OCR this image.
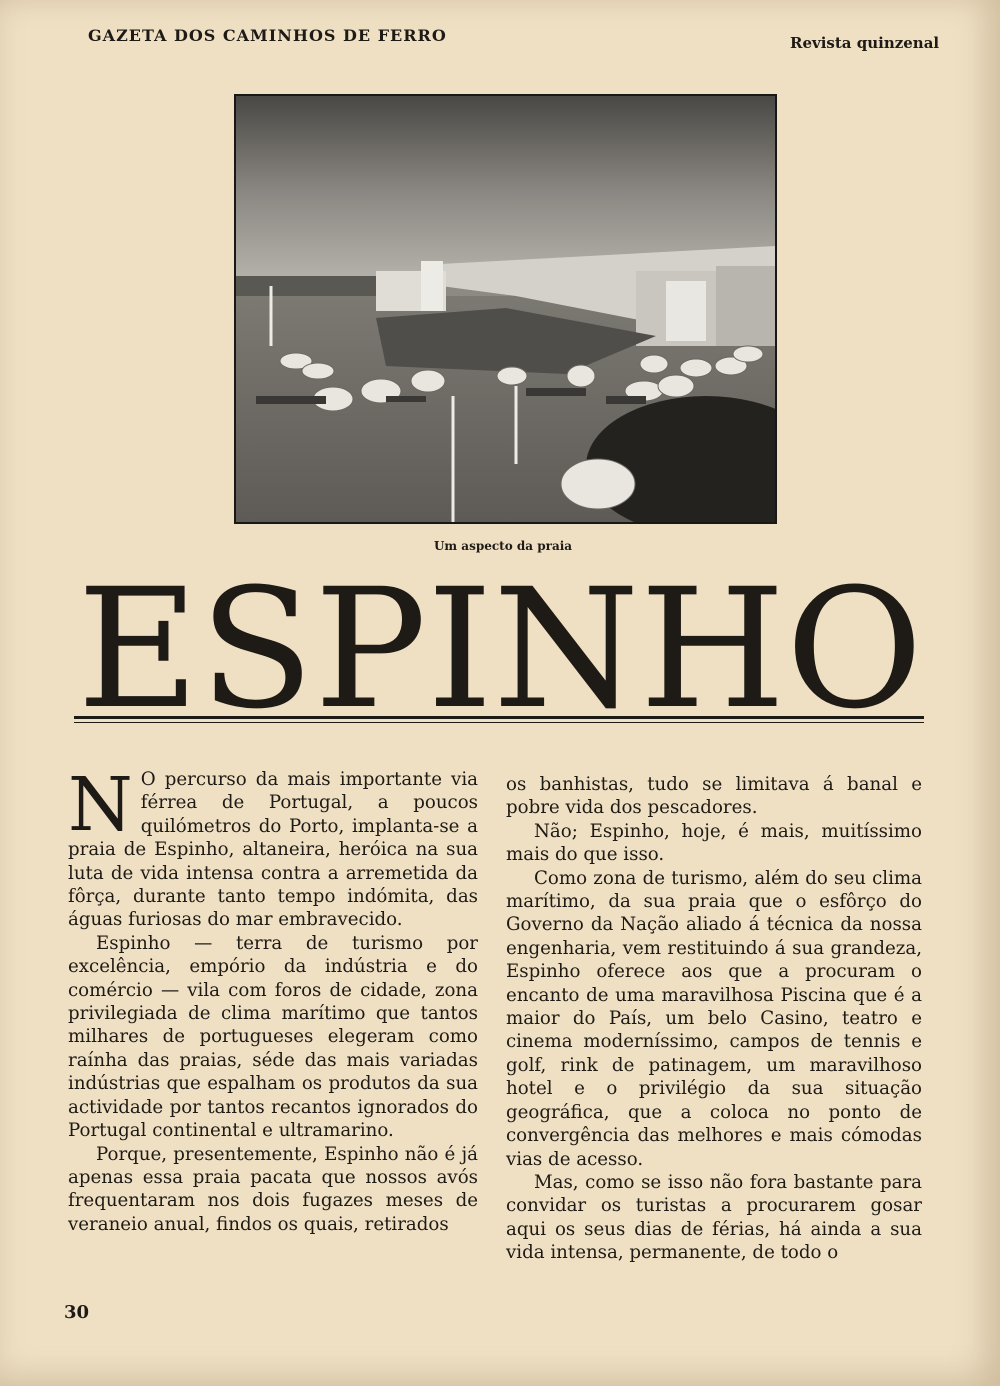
GAZETA DOS CAMINHOS DE FERRO	Revista quinzenal
Um aspecto da praia
ESPINHO

N O percurso da mais importante via férrea de Portugal, a poucos quilómetros do Porto, implanta-se a praia de Espinho, altaneira, heróica na sua luta de vida intensa contra a arremetida da fôrça, durante tanto tempo indómita, das águas furiosas do mar embravecido.

Espinho — terra de turismo por excelência, empório da indústria e do comércio — vila com foros de cidade, zona privilegiada de clima marítimo que tantos milhares de portugueses elegeram como raínha das praias, séde das mais variadas indústrias que espalham os produtos da sua actividade por tantos recantos ignorados do Portugal continental e ultramarino.

Porque, presentemente, Espinho não é já apenas essa praia pacata que nossos avós frequentaram nos dois fugazes meses de veraneio anual, findos os quais, retirados

os banhistas, tudo se limitava á banal e pobre vida dos pescadores.

Não; Espinho, hoje, é mais, muitíssimo mais do que isso.

Como zona de turismo, além do seu clima marítimo, da sua praia que o esfôrço do Governo da Nação aliado á técnica da nossa engenharia, vem restituindo á sua grandeza, Espinho oferece aos que a procuram o encanto de uma maravilhosa Piscina que é a maior do País, um belo Casino, teatro e cinema moderníssimo, campos de tennis e golf, rink de patinagem, um maravilhoso hotel e o privilégio da sua situação geográfica, que a coloca no ponto de convergência das melhores e mais cómodas vias de acesso.

Mas, como se isso não fora bastante para convidar os turistas a procurarem gosar aqui os seus dias de férias, há ainda a sua vida intensa, permanente, de todo o

30
